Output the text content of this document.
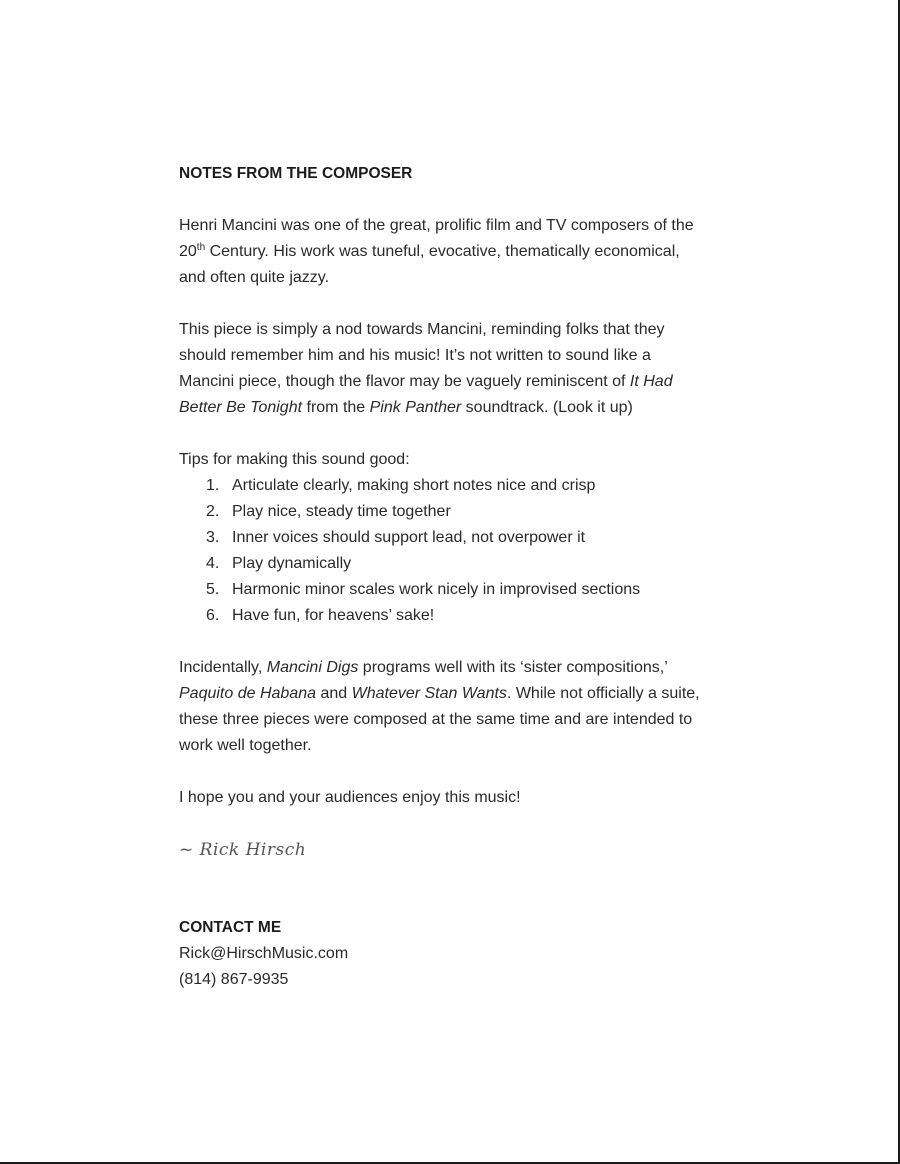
NOTES FROM THE COMPOSER

Henri Mancini was one of the great, prolific film and TV composers of the

20th Century. His work was tuneful, evocative, thematically economical,

and often quite jazzy.

This piece is simply a nod towards Mancini, reminding folks that they

should remember him and his music! It’s not written to sound like a

Mancini piece, though the flavor may be vaguely reminiscent of It Had

Better Be Tonight from the Pink Panther soundtrack. (Look it up)

Tips for making this sound good:

1. Articulate clearly, making short notes nice and crisp
2. Play nice, steady time together
3. Inner voices should support lead, not overpower it
4. Play dynamically
5. Harmonic minor scales work nicely in improvised sections
6. Have fun, for heavens’ sake!

Incidentally, Mancini Digs programs well with its ‘sister compositions,’

Paquito de Habana and Whatever Stan Wants. While not officially a suite,

these three pieces were composed at the same time and are intended to

work well together.

I hope you and your audiences enjoy this music!

~ Rick Hirsch

CONTACT ME

Rick@HirschMusic.com

(814) 867-9935
